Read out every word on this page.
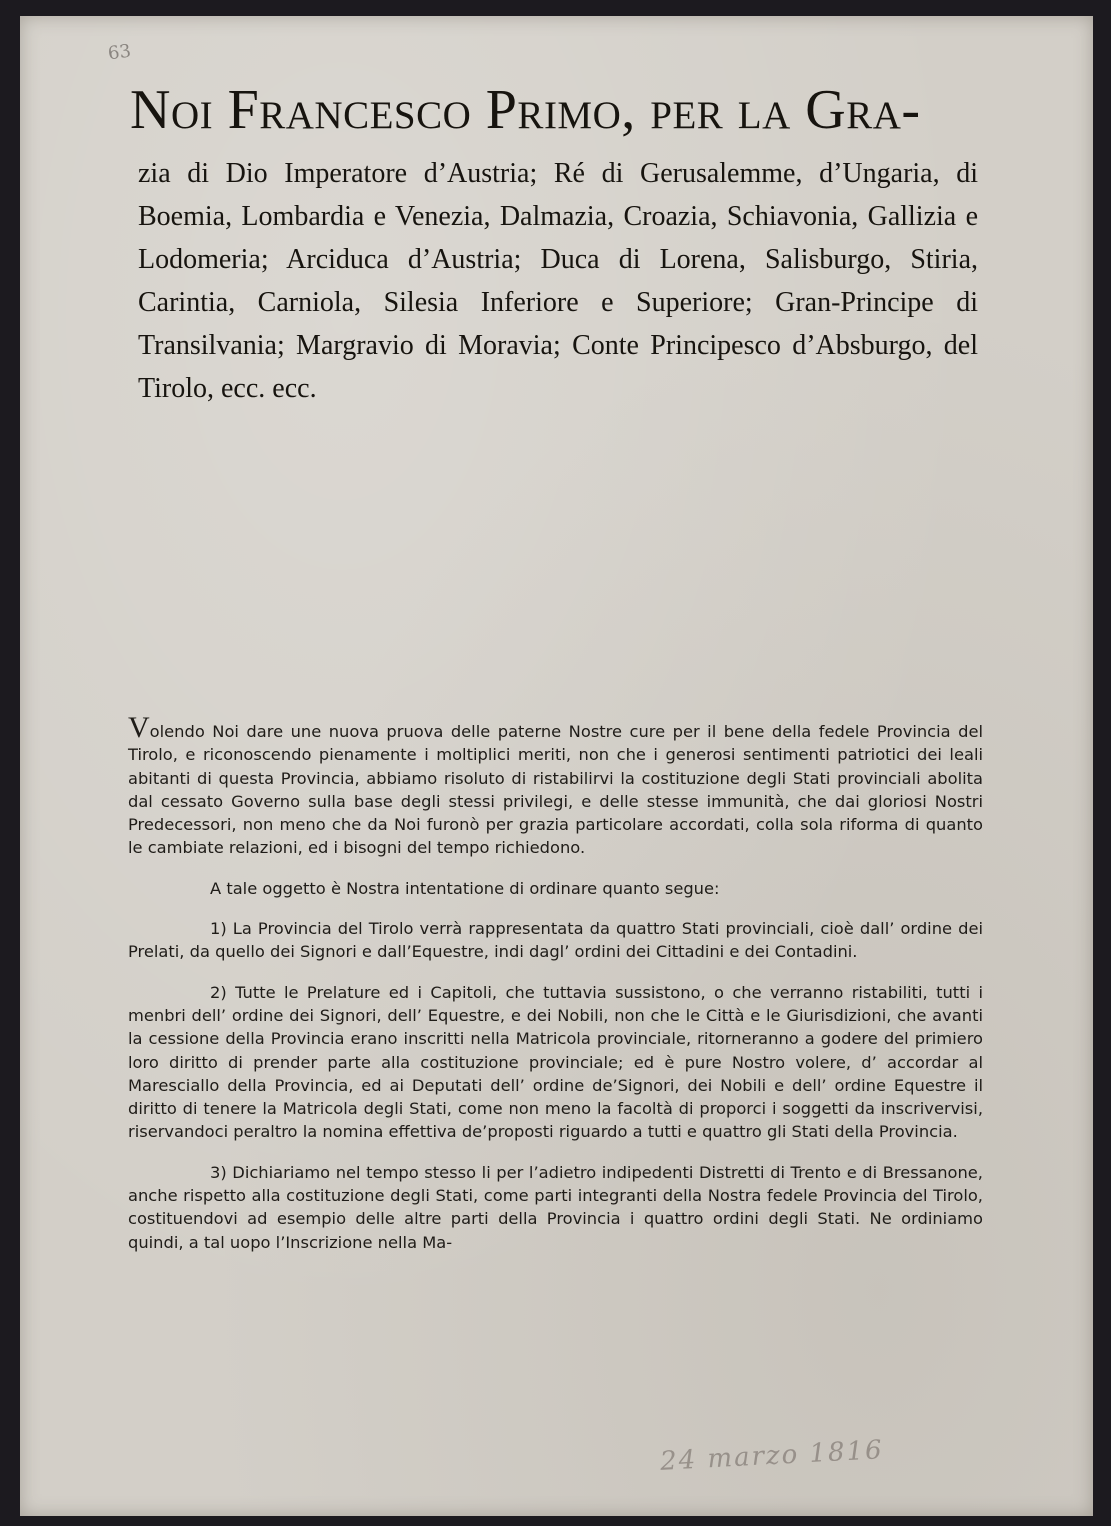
63
Noi Francesco Primo, per la Gra-
zia di Dio Imperatore d’Austria; Ré di Gerusalemme, d’Ungaria, di Boemia, Lombardia e Venezia, Dalmazia, Croazia, Schiavonia, Gallizia e Lodomeria; Arciduca d’Austria; Duca di Lorena, Salisburgo, Stiria, Carintia, Carniola, Silesia Inferiore e Superiore; Gran-Principe di Transilvania; Margravio di Moravia; Conte Principesco d’Absburgo, del Tirolo, ecc. ecc.

Volendo Noi dare une nuova pruova delle paterne Nostre cure per il bene della fedele Provincia del Tirolo, e riconoscendo pienamente i moltiplici meriti, non che i generosi sentimenti patriotici dei leali abitanti di questa Provincia, abbiamo risoluto di ristabilirvi la costituzione degli Stati provinciali abolita dal cessato Governo sulla base degli stessi privilegi, e delle stesse immunità, che dai gloriosi Nostri Predecessori, non meno che da Noi furonò per grazia particolare accordati, colla sola riforma di quanto le cambiate relazioni, ed i bisogni del tempo richiedono.

A tale oggetto è Nostra intentatione di ordinare quanto segue:

1) La Provincia del Tirolo verrà rappresentata da quattro Stati provinciali, cioè dall’ ordine dei Prelati, da quello dei Signori e dall’Equestre, indi dagl’ ordini dei Cittadini e dei Contadini.

2) Tutte le Prelature ed i Capitoli, che tuttavia sussistono, o che verranno ristabiliti, tutti i menbri dell’ ordine dei Signori, dell’ Equestre, e dei Nobili, non che le Città e le Giurisdizioni, che avanti la cessione della Provincia erano inscritti nella Matricola provinciale, ritorneranno a godere del primiero loro diritto di prender parte alla costituzione provinciale; ed è pure Nostro volere, d’ accordar al Maresciallo della Provincia, ed ai Deputati dell’ ordine de’Signori, dei Nobili e dell’ ordine Equestre il diritto di tenere la Matricola degli Stati, come non meno la facoltà di proporci i soggetti da inscrivervisi, riservandoci peraltro la nomina effettiva de’proposti riguardo a tutti e quattro gli Stati della Provincia.

3) Dichiariamo nel tempo stesso li per l’adietro indipedenti Distretti di Trento e di Bressanone, anche rispetto alla costituzione degli Stati, come parti integranti della Nostra fedele Provincia del Tirolo, costituendovi ad esempio delle altre parti della Provincia i quattro ordini degli Stati. Ne ordiniamo quindi, a tal uopo l’Inscrizione nella Ma-

24 marzo 1816
